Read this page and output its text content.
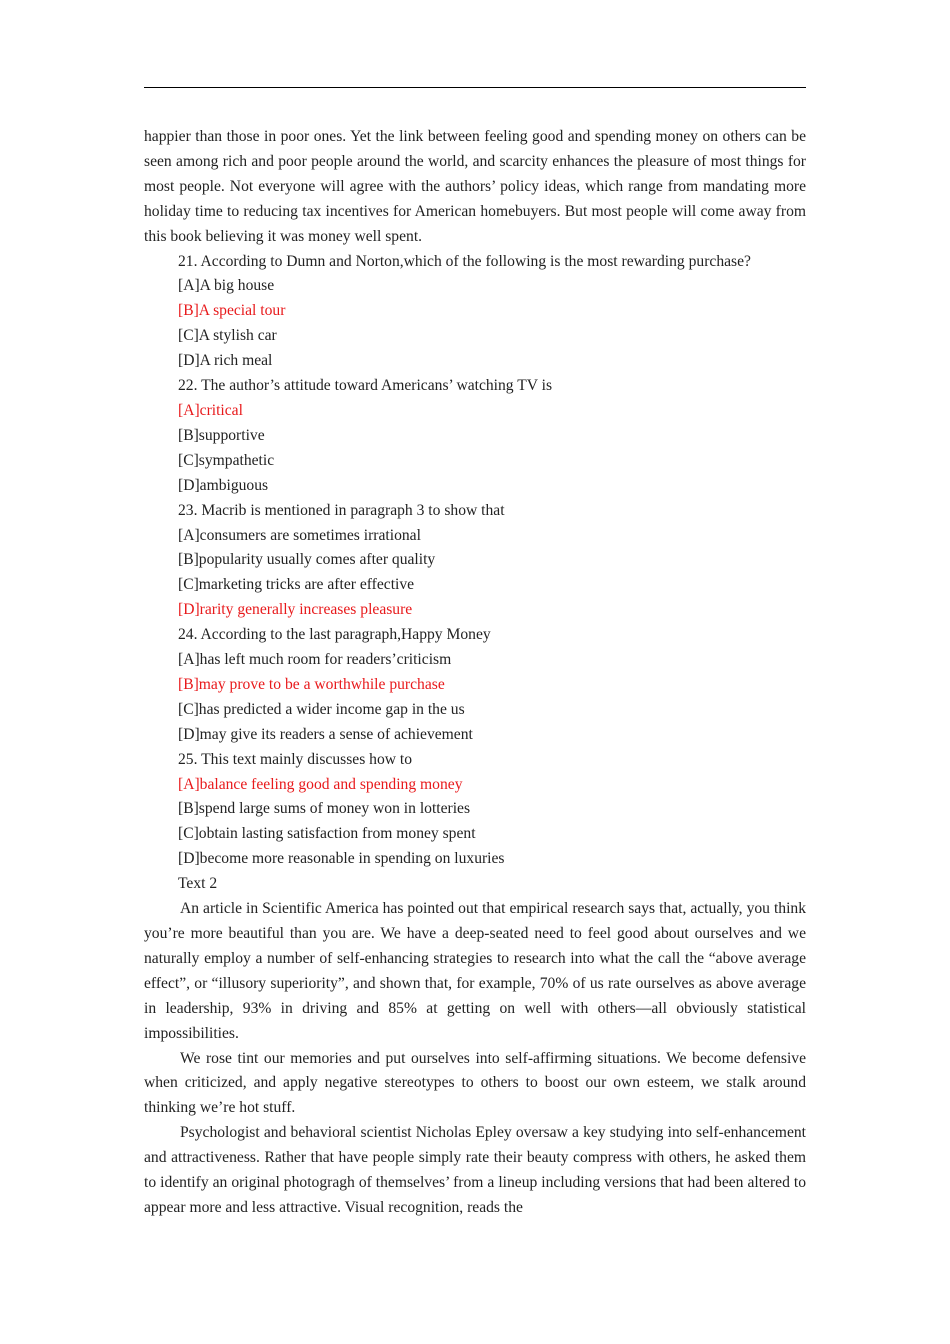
happier than those in poor ones. Yet the link between feeling good and spending money on others can be seen among rich and poor people around the world, and scarcity enhances the pleasure of most things for most people. Not everyone will agree with the authors’ policy ideas, which range from mandating more holiday time to reducing tax incentives for American homebuyers. But most people will come away from this book believing it was money well spent.

21. According to Dumn and Norton,which of the following is the most rewarding purchase?

[A]A big house

[B]A special tour

[C]A stylish car

[D]A rich meal

22. The author’s attitude toward Americans’ watching TV is

[A]critical

[B]supportive

[C]sympathetic

[D]ambiguous

23. Macrib is mentioned in paragraph 3 to show that

[A]consumers are sometimes irrational

[B]popularity usually comes after quality

[C]marketing tricks are after effective

[D]rarity generally increases pleasure

24. According to the last paragraph,Happy Money

[A]has left much room for readers’criticism

[B]may prove to be a worthwhile purchase

[C]has predicted a wider income gap in the us

[D]may give its readers a sense of achievement

25. This text mainly discusses how to

[A]balance feeling good and spending money

[B]spend large sums of money won in lotteries

[C]obtain lasting satisfaction from money spent

[D]become more reasonable in spending on luxuries

Text 2

An article in Scientific America has pointed out that empirical research says that, actually, you think you’re more beautiful than you are. We have a deep-seated need to feel good about ourselves and we naturally employ a number of self-enhancing strategies to research into what the call the “above average effect”, or “illusory superiority”, and shown that, for example, 70% of us rate ourselves as above average in leadership, 93% in driving and 85% at getting on well with others—all obviously statistical impossibilities.

We rose tint our memories and put ourselves into self-affirming situations. We become defensive when criticized, and apply negative stereotypes to others to boost our own esteem, we stalk around thinking we’re hot stuff.

Psychologist and behavioral scientist Nicholas Epley oversaw a key studying into self-enhancement and attractiveness. Rather that have people simply rate their beauty compress with others, he asked them to identify an original photogragh of themselves’ from a lineup including versions that had been altered to appear more and less attractive. Visual recognition, reads the
